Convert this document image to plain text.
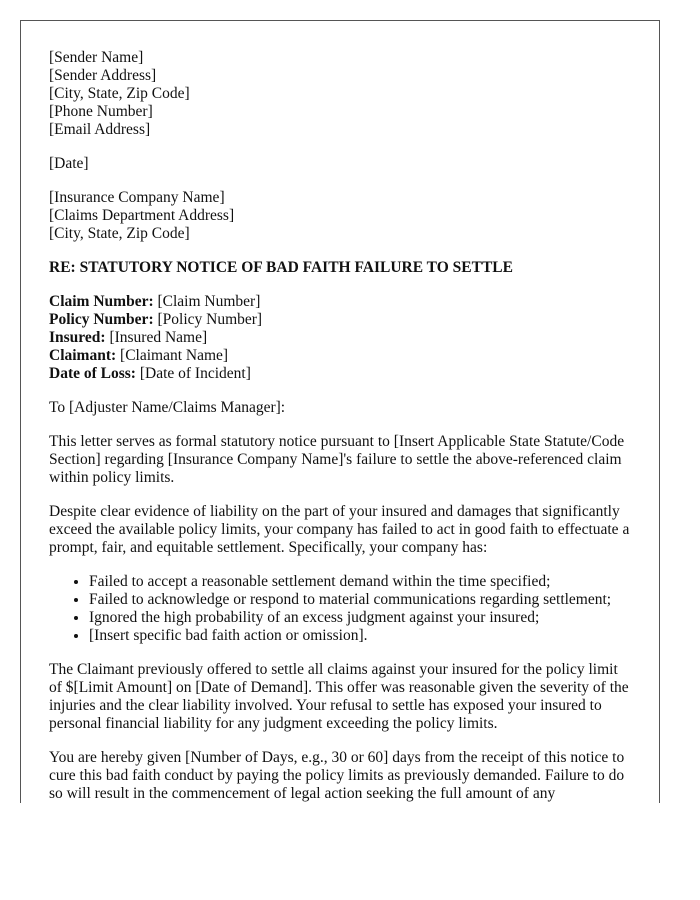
[Sender Name]
[Sender Address]
[City, State, Zip Code]
[Phone Number]
[Email Address]
[Date]
[Insurance Company Name]
[Claims Department Address]
[City, State, Zip Code]
RE: STATUTORY NOTICE OF BAD FAITH FAILURE TO SETTLE
Claim Number: [Claim Number]
Policy Number: [Policy Number]
Insured: [Insured Name]
Claimant: [Claimant Name]
Date of Loss: [Date of Incident]

To [Adjuster Name/Claims Manager]:

This letter serves as formal statutory notice pursuant to [Insert Applicable State Statute/Code Section] regarding [Insurance Company Name]'s failure to settle the above-referenced claim within policy limits.

Despite clear evidence of liability on the part of your insured and damages that significantly exceed the available policy limits, your company has failed to act in good faith to effectuate a prompt, fair, and equitable settlement. Specifically, your company has:

• Failed to accept a reasonable settlement demand within the time specified;
• Failed to acknowledge or respond to material communications regarding settlement;
• Ignored the high probability of an excess judgment against your insured;
• [Insert specific bad faith action or omission].

The Claimant previously offered to settle all claims against your insured for the policy limit of $[Limit Amount] on [Date of Demand]. This offer was reasonable given the severity of the injuries and the clear liability involved. Your refusal to settle has exposed your insured to personal financial liability for any judgment exceeding the policy limits.

You are hereby given [Number of Days, e.g., 30 or 60] days from the receipt of this notice to cure this bad faith conduct by paying the policy limits as previously demanded. Failure to do so will result in the commencement of legal action seeking the full amount of any
